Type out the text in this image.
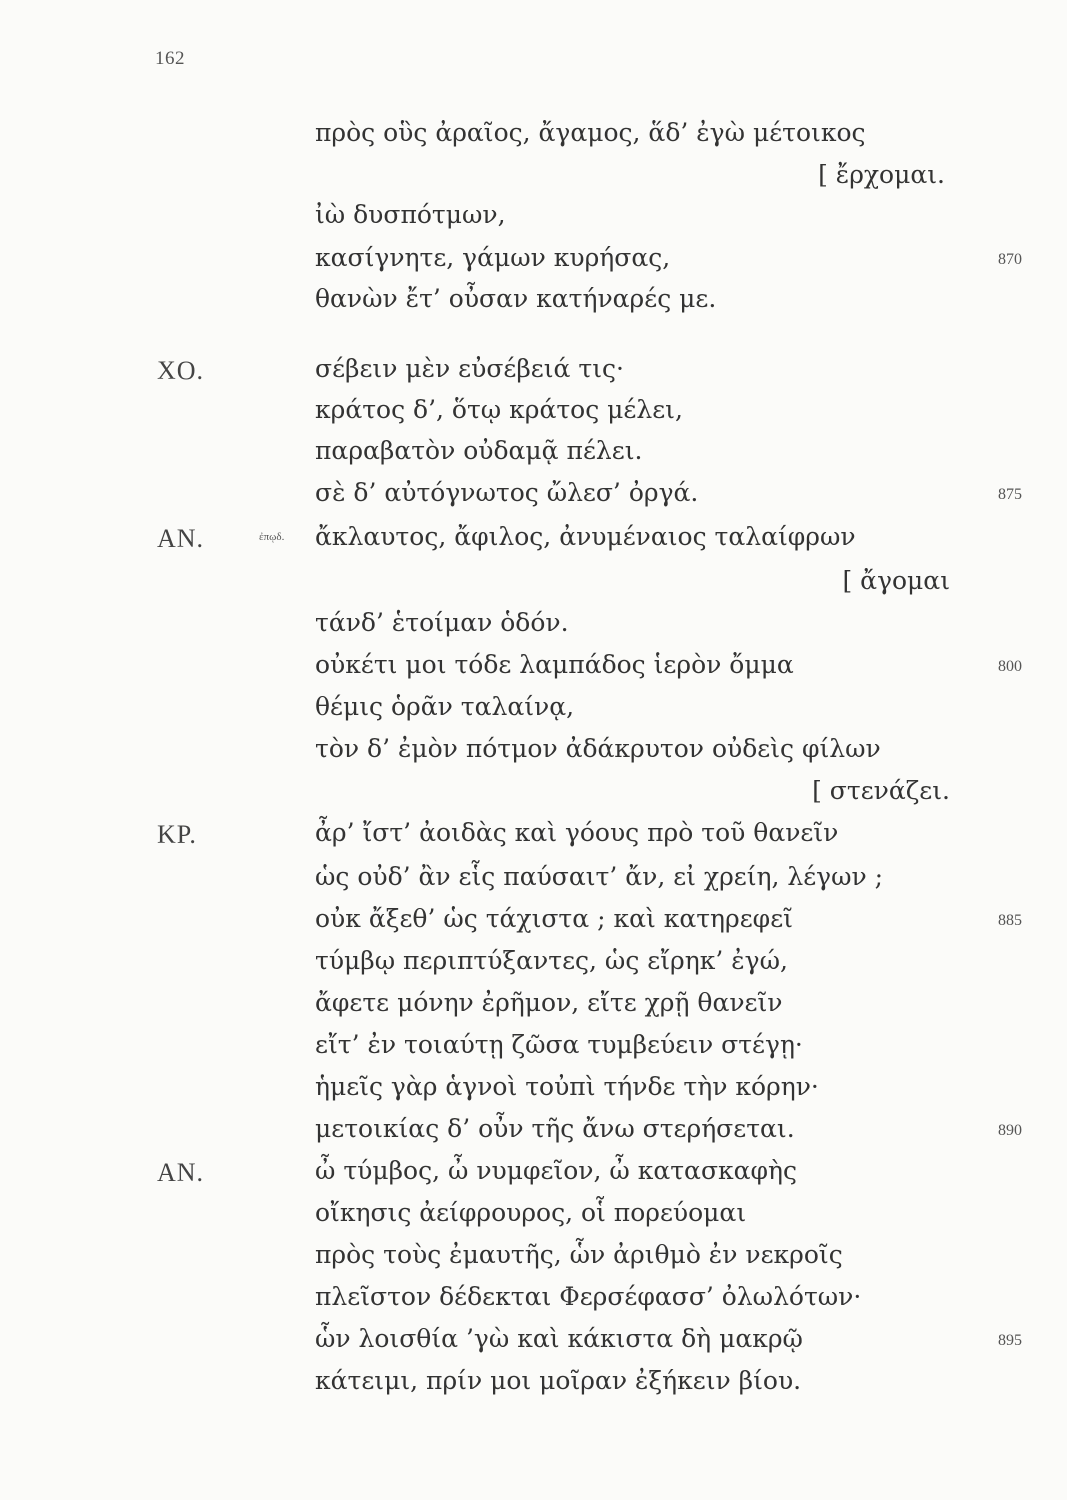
162
πρὸς οὓς ἀραῖος, ἄγαμος, ἅδ’ ἐγὼ μέτοικος
[ ἔρχομαι.
ἰὼ δυσπότμων,
κασίγνητε, γάμων κυρήσας,	870
θανὼν ἔτ’ οὖσαν κατήναρές με.
ΧΟ.	σέβειν μὲν εὐσέβειά τις·
κράτος δ’, ὅτῳ κράτος μέλει,
παραβατὸν οὐδαμᾷ πέλει.
σὲ δ’ αὐτόγνωτος ὤλεσ’ ὀργά.	875
ΑΝ.	ἐπῳδ. ἄκλαυτος, ἄφιλος, ἀνυμέναιος ταλαίφρων
[ ἄγομαι
τάνδ’ ἑτοίμαν ὁδόν.
οὐκέτι μοι τόδε λαμπάδος ἱερὸν ὄμμα	800
θέμις ὁρᾶν ταλαίνᾳ,
τὸν δ’ ἐμὸν πότμον ἀδάκρυτον οὐδεὶς φίλων
[ στενάζει.
ΚΡ.	ἆρ’ ἴστ’ ἀοιδὰς καὶ γόους πρὸ τοῦ θανεῖν
ὡς οὐδ’ ἂν εἷς παύσαιτ’ ἄν, εἰ χρείη, λέγων ;
οὐκ ἄξεθ’ ὡς τάχιστα ; καὶ κατηρεφεῖ	885
τύμβῳ περιπτύξαντες, ὡς εἴρηκ’ ἐγώ,
ἄφετε μόνην ἐρῆμον, εἴτε χρῇ θανεῖν
εἴτ’ ἐν τοιαύτῃ ζῶσα τυμβεύειν στέγῃ·
ἡμεῖς γὰρ ἁγνοὶ τοὐπὶ τήνδε τὴν κόρην·
μετοικίας δ’ οὖν τῆς ἄνω στερήσεται.	890
ΑΝ.	ὦ τύμβος, ὦ νυμφεῖον, ὦ κατασκαφὴς
οἴκησις ἀείφρουρος, οἷ πορεύομαι
πρὸς τοὺς ἐμαυτῆς, ὧν ἀριθμὸ ἐν νεκροῖς
πλεῖστον δέδεκται Φερσέφασσ’ ὀλωλότων·
ὧν λοισθία ’γὼ καὶ κάκιστα δὴ μακρῷ	895
κάτειμι, πρίν μοι μοῖραν ἐξήκειν βίου.
